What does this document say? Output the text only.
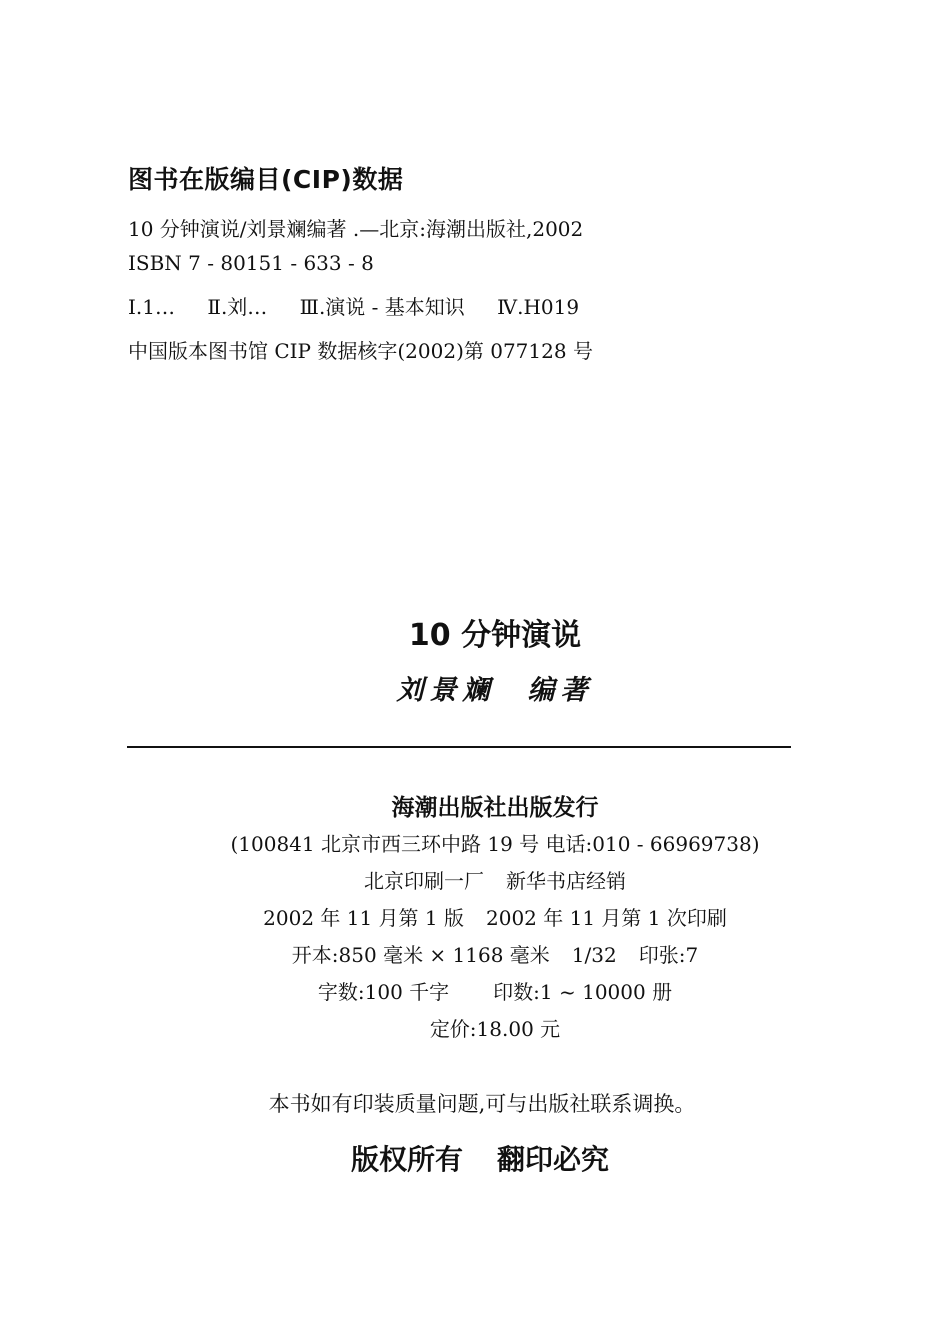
图书在版编目(CIP)数据

10 分钟演说/刘景斓编著 .—北京:海潮出版社,2002

ISBN 7 - 80151 - 633 - 8

Ⅰ.1… Ⅱ.刘… Ⅲ.演说 - 基本知识 Ⅳ.H019

中国版本图书馆 CIP 数据核字(2002)第 077128 号

10 分钟演说

刘景斓 编著

海潮出版社出版发行

(100841 北京市西三环中路 19 号 电话:010 - 66969738)

北京印刷一厂 新华书店经销

2002 年 11 月第 1 版 2002 年 11 月第 1 次印刷

开本:850 毫米 × 1168 毫米 1/32 印张:7

字数:100 千字 印数:1 ~ 10000 册

定价:18.00 元

本书如有印装质量问题,可与出版社联系调换。

版权所有 翻印必究
